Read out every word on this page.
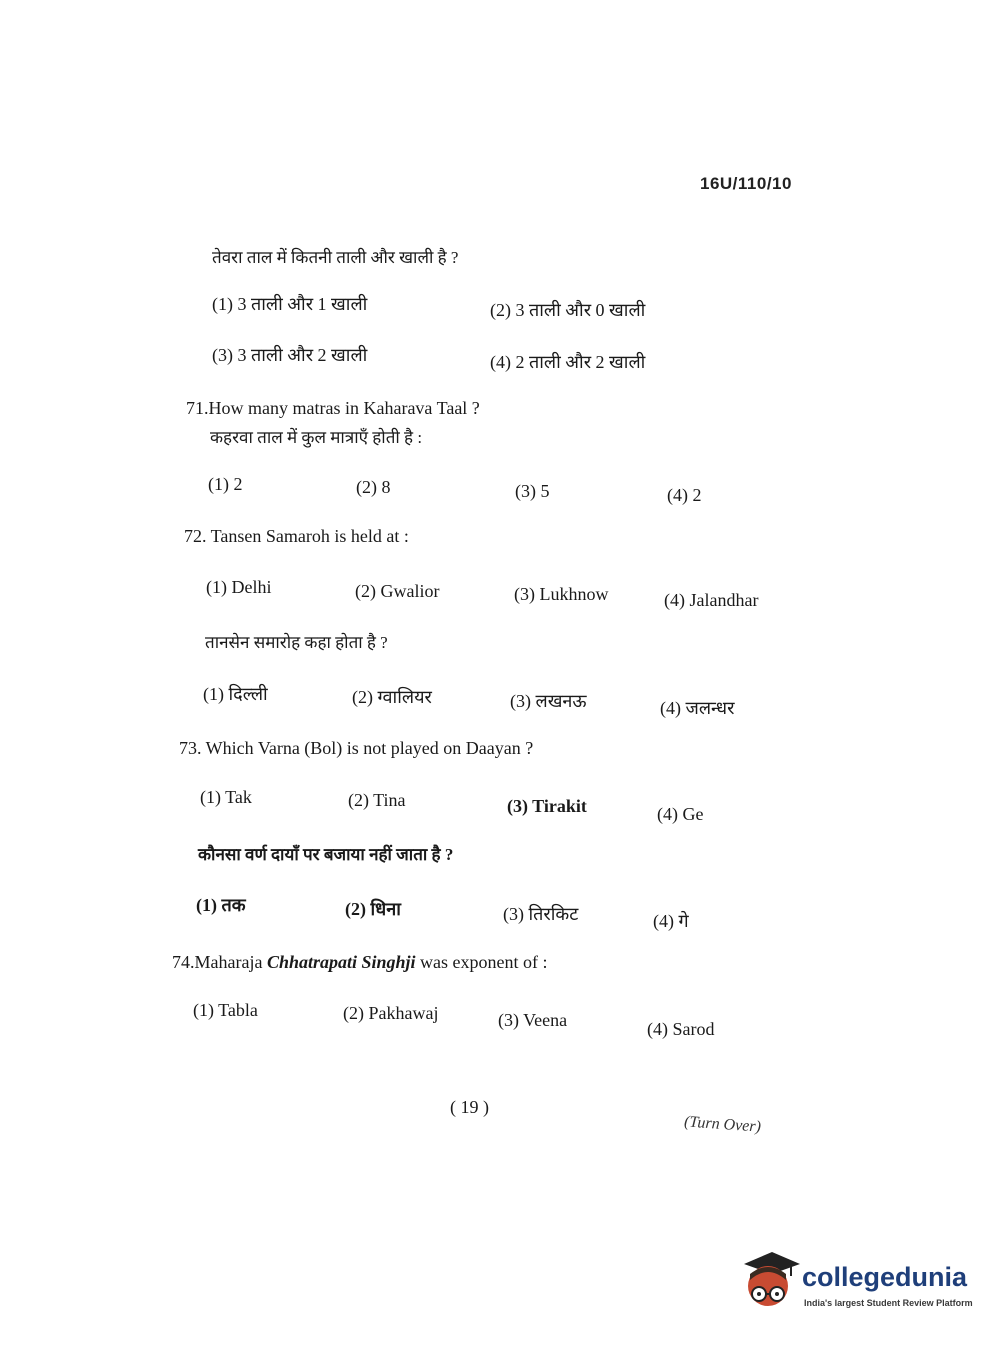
16U/110/10
तेवरा ताल में कितनी ताली और खाली है ?
(1) 3 ताली और 1 खाली	(2) 3 ताली और 0 खाली
(3) 3 ताली और 2 खाली	(4) 2 ताली और 2 खाली
71.How many matras in Kaharava Taal ?
कहरवा ताल में कुल मात्राएँ होती है :
(1) 2	(2) 8	(3) 5	(4) 2
72. Tansen Samaroh is held at :
(1) Delhi	(2) Gwalior	(3) Lukhnow	(4) Jalandhar
तानसेन समारोह कहा होता है ?
(1) दिल्ली	(2) ग्वालियर	(3) लखनऊ	(4) जलन्धर
73. Which Varna (Bol) is not played on Daayan ?
(1) Tak	(2) Tina	(3) Tirakit	(4) Ge
कौनसा वर्ण दायाँ पर बजाया नहीं जाता है ?
(1) तक	(2) धिना	(3) तिरकिट	(4) गे
74.Maharaja Chhatrapati Singhji was exponent of :
(1) Tabla	(2) Pakhawaj	(3) Veena	(4) Sarod
( 19 )
(Turn Over)
collegedunia
India's largest Student Review Platform
